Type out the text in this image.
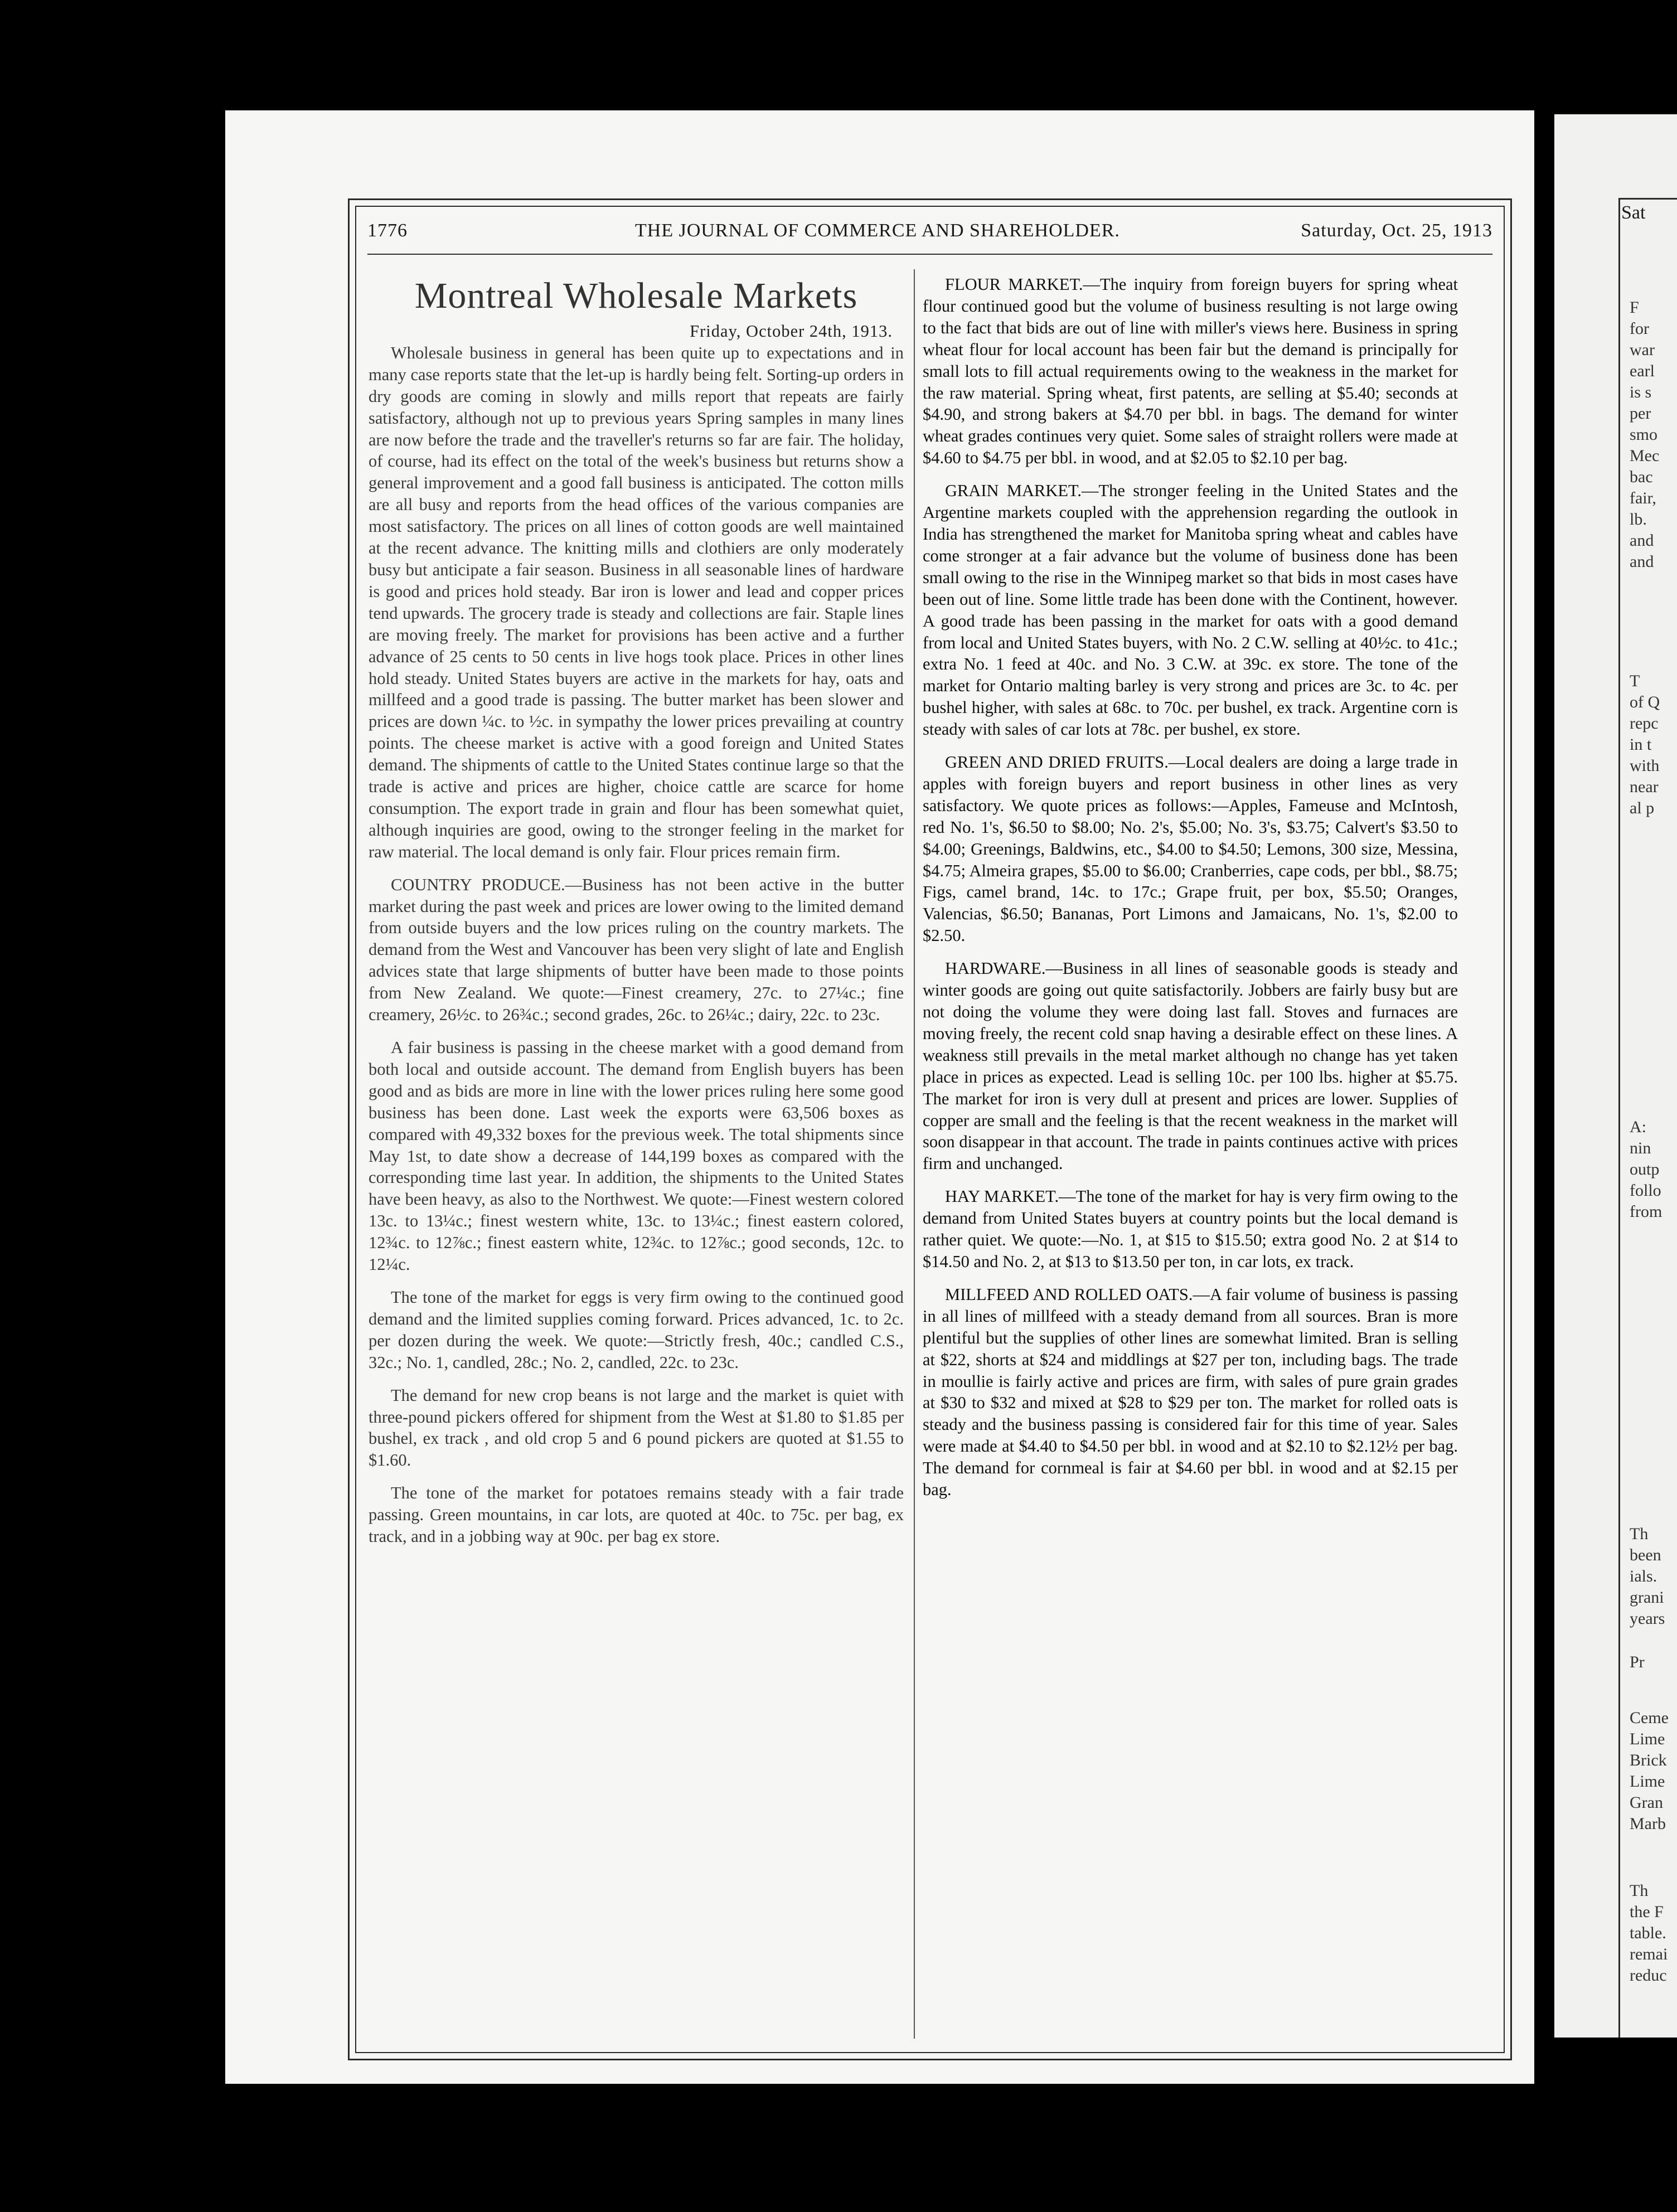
1776	THE JOURNAL OF COMMERCE AND SHAREHOLDER.	Saturday, Oct. 25, 1913
Montreal Wholesale Markets
Friday, October 24th, 1913.

Wholesale business in general has been quite up to expectations and in many case reports state that the let-up is hardly being felt. Sorting-up orders in dry goods are coming in slowly and mills report that repeats are fairly satisfactory, although not up to previous years Spring samples in many lines are now before the trade and the traveller's returns so far are fair. The holiday, of course, had its effect on the total of the week's business but returns show a general improvement and a good fall business is anticipated. The cotton mills are all busy and reports from the head offices of the various companies are most satisfactory. The prices on all lines of cotton goods are well maintained at the recent advance. The knitting mills and clothiers are only moderately busy but anticipate a fair season. Business in all seasonable lines of hardware is good and prices hold steady. Bar iron is lower and lead and copper prices tend upwards. The grocery trade is steady and collections are fair. Staple lines are moving freely. The market for provisions has been active and a further advance of 25 cents to 50 cents in live hogs took place. Prices in other lines hold steady. United States buyers are active in the markets for hay, oats and millfeed and a good trade is passing. The butter market has been slower and prices are down ¼c. to ½c. in sympathy the lower prices prevailing at country points. The cheese market is active with a good foreign and United States demand. The shipments of cattle to the United States continue large so that the trade is active and prices are higher, choice cattle are scarce for home consumption. The export trade in grain and flour has been somewhat quiet, although inquiries are good, owing to the stronger feeling in the market for raw material. The local demand is only fair. Flour prices remain firm.

COUNTRY PRODUCE.—Business has not been active in the butter market during the past week and prices are lower owing to the limited demand from outside buyers and the low prices ruling on the country markets. The demand from the West and Vancouver has been very slight of late and English advices state that large shipments of butter have been made to those points from New Zealand. We quote:—Finest creamery, 27c. to 27¼c.; fine creamery, 26½c. to 26¾c.; second grades, 26c. to 26¼c.; dairy, 22c. to 23c.

A fair business is passing in the cheese market with a good demand from both local and outside account. The demand from English buyers has been good and as bids are more in line with the lower prices ruling here some good business has been done. Last week the exports were 63,506 boxes as compared with 49,332 boxes for the previous week. The total shipments since May 1st, to date show a decrease of 144,199 boxes as compared with the corresponding time last year. In addition, the shipments to the United States have been heavy, as also to the Northwest. We quote:—Finest western colored 13c. to 13¼c.; finest western white, 13c. to 13¼c.; finest eastern colored, 12¾c. to 12⅞c.; finest eastern white, 12¾c. to 12⅞c.; good seconds, 12c. to 12¼c.

The tone of the market for eggs is very firm owing to the continued good demand and the limited supplies coming forward. Prices advanced, 1c. to 2c. per dozen during the week. We quote:—Strictly fresh, 40c.; candled C.S., 32c.; No. 1, candled, 28c.; No. 2, candled, 22c. to 23c.

The demand for new crop beans is not large and the market is quiet with three-pound pickers offered for shipment from the West at $1.80 to $1.85 per bushel, ex track , and old crop 5 and 6 pound pickers are quoted at $1.55 to $1.60.

The tone of the market for potatoes remains steady with a fair trade passing. Green mountains, in car lots, are quoted at 40c. to 75c. per bag, ex track, and in a jobbing way at 90c. per bag ex store.

FLOUR MARKET.—The inquiry from foreign buyers for spring wheat flour continued good but the volume of business resulting is not large owing to the fact that bids are out of line with miller's views here. Business in spring wheat flour for local account has been fair but the demand is principally for small lots to fill actual requirements owing to the weakness in the market for the raw material. Spring wheat, first patents, are selling at $5.40; seconds at $4.90, and strong bakers at $4.70 per bbl. in bags. The demand for winter wheat grades continues very quiet. Some sales of straight rollers were made at $4.60 to $4.75 per bbl. in wood, and at $2.05 to $2.10 per bag.

GRAIN MARKET.—The stronger feeling in the United States and the Argentine markets coupled with the apprehension regarding the outlook in India has strengthened the market for Manitoba spring wheat and cables have come stronger at a fair advance but the volume of business done has been small owing to the rise in the Winnipeg market so that bids in most cases have been out of line. Some little trade has been done with the Continent, however. A good trade has been passing in the market for oats with a good demand from local and United States buyers, with No. 2 C.W. selling at 40½c. to 41c.; extra No. 1 feed at 40c. and No. 3 C.W. at 39c. ex store. The tone of the market for Ontario malting barley is very strong and prices are 3c. to 4c. per bushel higher, with sales at 68c. to 70c. per bushel, ex track. Argentine corn is steady with sales of car lots at 78c. per bushel, ex store.

GREEN AND DRIED FRUITS.—Local dealers are doing a large trade in apples with foreign buyers and report business in other lines as very satisfactory. We quote prices as follows:—Apples, Fameuse and McIntosh, red No. 1's, $6.50 to $8.00; No. 2's, $5.00; No. 3's, $3.75; Calvert's $3.50 to $4.00; Greenings, Baldwins, etc., $4.00 to $4.50; Lemons, 300 size, Messina, $4.75; Almeira grapes, $5.00 to $6.00; Cranberries, cape cods, per bbl., $8.75; Figs, camel brand, 14c. to 17c.; Grape fruit, per box, $5.50; Oranges, Valencias, $6.50; Bananas, Port Limons and Jamaicans, No. 1's, $2.00 to $2.50.

HARDWARE.—Business in all lines of seasonable goods is steady and winter goods are going out quite satisfactorily. Jobbers are fairly busy but are not doing the volume they were doing last fall. Stoves and furnaces are moving freely, the recent cold snap having a desirable effect on these lines. A weakness still prevails in the metal market although no change has yet taken place in prices as expected. Lead is selling 10c. per 100 lbs. higher at $5.75. The market for iron is very dull at present and prices are lower. Supplies of copper are small and the feeling is that the recent weakness in the market will soon disappear in that account. The trade in paints continues active with prices firm and unchanged.

HAY MARKET.—The tone of the market for hay is very firm owing to the demand from United States buyers at country points but the local demand is rather quiet. We quote:—No. 1, at $15 to $15.50; extra good No. 2 at $14 to $14.50 and No. 2, at $13 to $13.50 per ton, in car lots, ex track.

MILLFEED AND ROLLED OATS.—A fair volume of business is passing in all lines of millfeed with a steady demand from all sources. Bran is more plentiful but the supplies of other lines are somewhat limited. Bran is selling at $22, shorts at $24 and middlings at $27 per ton, including bags. The trade in moullie is fairly active and prices are firm, with sales of pure grain grades at $30 to $32 and mixed at $28 to $29 per ton. The market for rolled oats is steady and the business passing is considered fair for this time of year. Sales were made at $4.40 to $4.50 per bbl. in wood and at $2.10 to $2.12½ per bag. The demand for cornmeal is fair at $4.60 per bbl. in wood and at $2.15 per bag.

Sat
F
for
war
earl
is s
per
smo
Mec
bac
fair,
lb.
and
and
T
of Q
repc
in t
with
near
al p
A:
nin
outp
follo
from
Th
been
ials.
grani
years
Pr
Ceme
Lime
Brick
Lime
Gran
Marb
Th
the F
table.
remai
reduc
